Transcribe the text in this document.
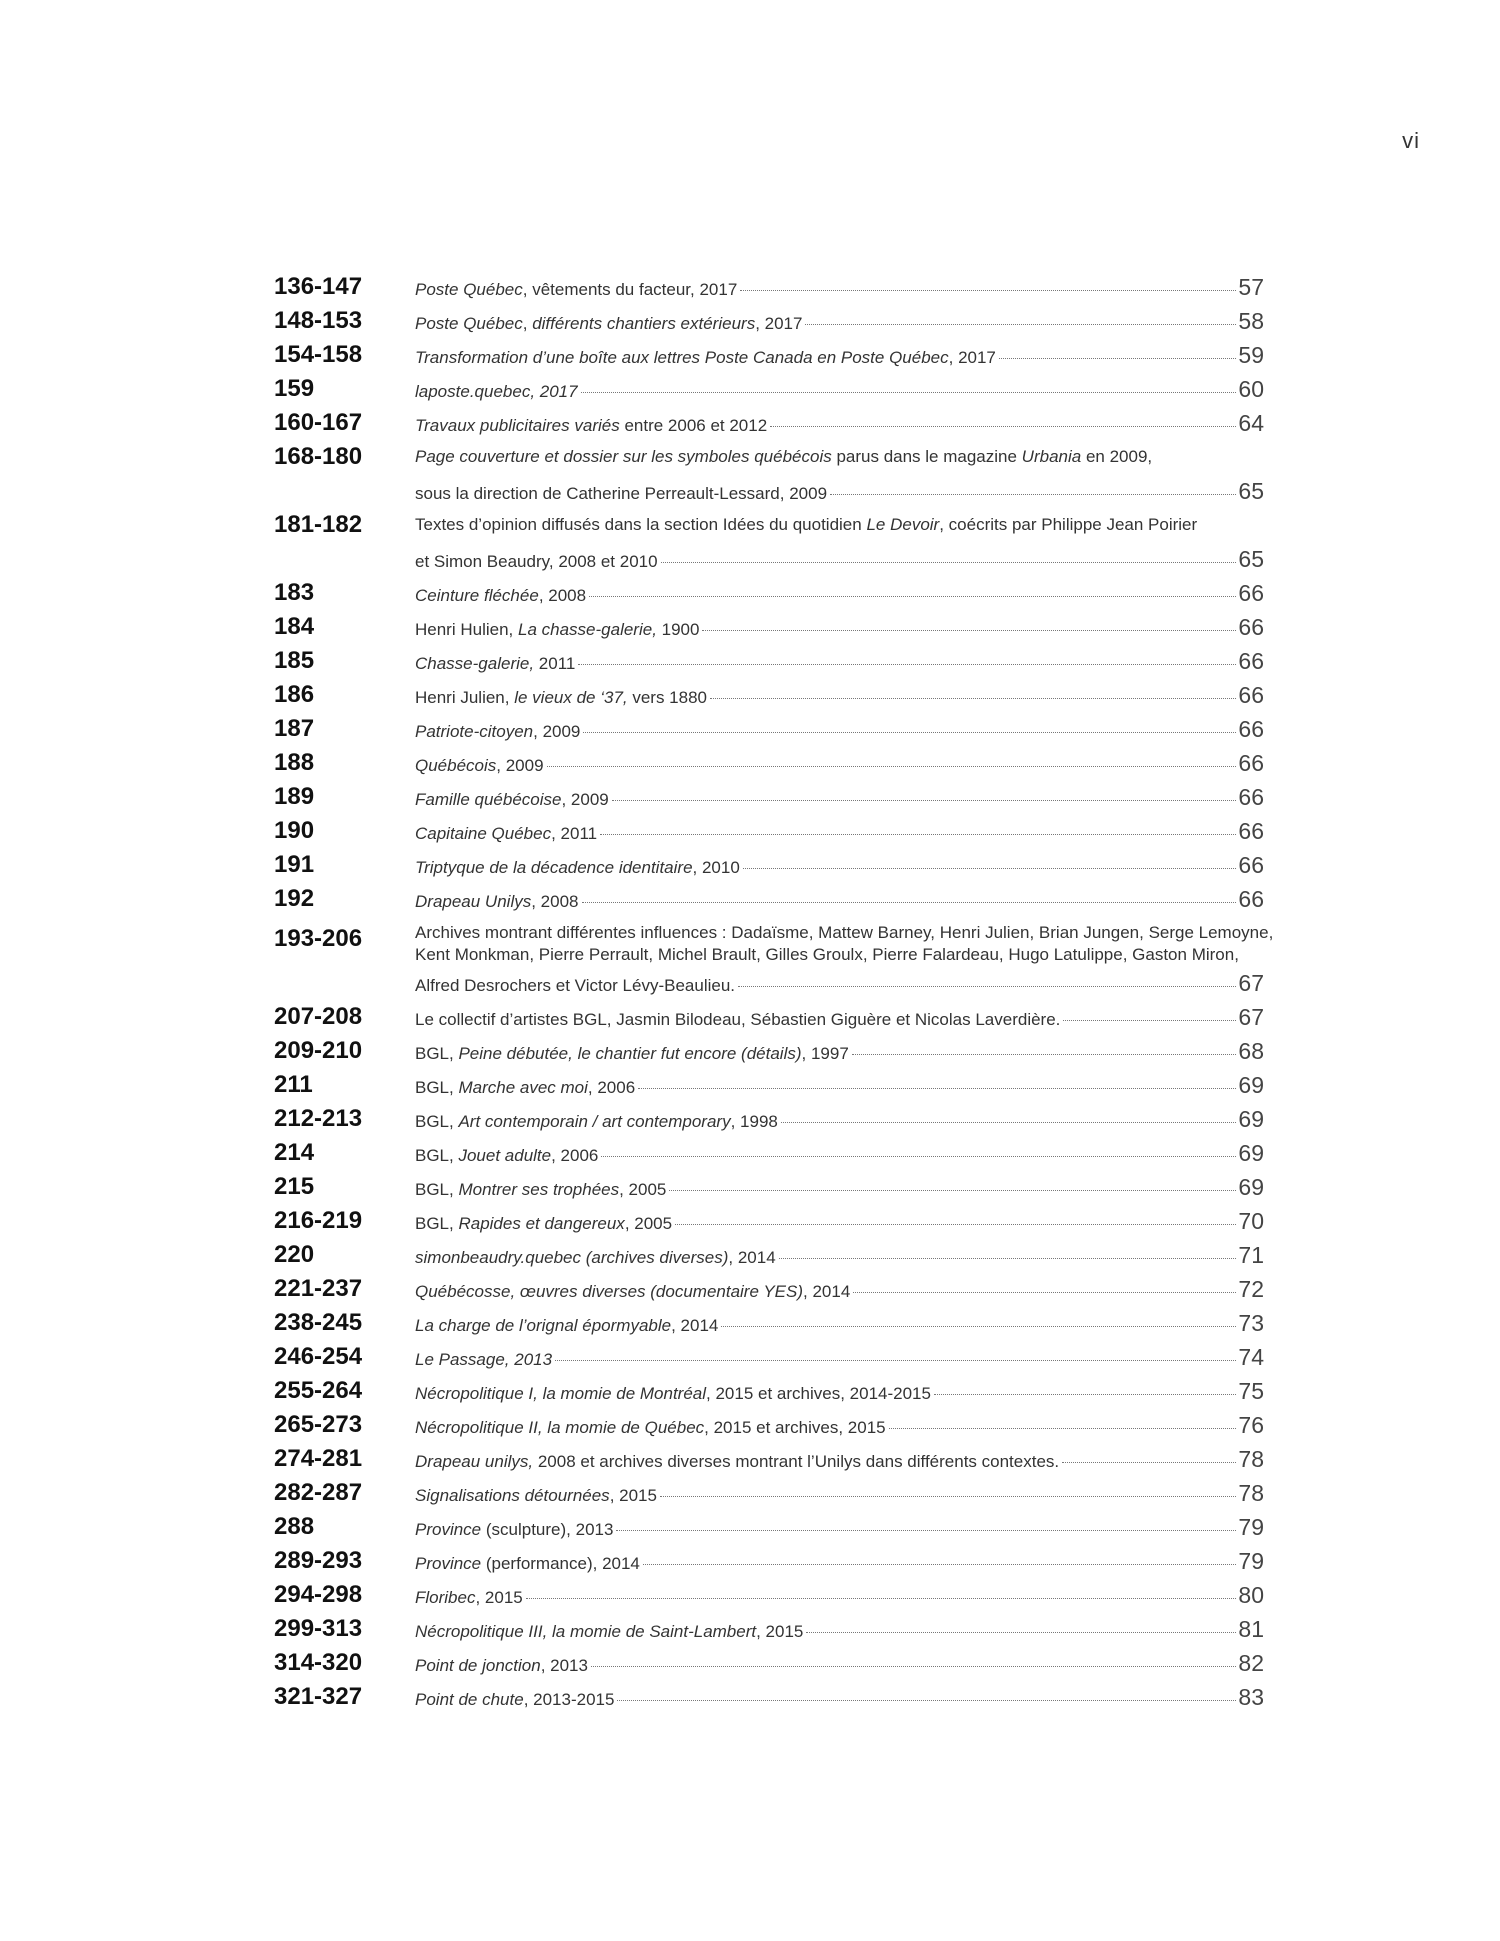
vi
136-147	Poste Québec, vêtements du facteur, 2017	57
148-153	Poste Québec, différents chantiers extérieurs, 2017	58
154-158	Transformation d’une boîte aux lettres Poste Canada en Poste Québec, 2017	59
159	laposte.quebec, 2017	60
160-167	Travaux publicitaires variés entre 2006 et 2012	64
168-180	Page couverture et dossier sur les symboles québécois parus dans le magazine Urbania en 2009,
sous la direction de Catherine Perreault-Lessard, 2009	65
181-182	Textes d’opinion diffusés dans la section Idées du quotidien Le Devoir, coécrits par Philippe Jean Poirier
et Simon Beaudry, 2008 et 2010	65
183	Ceinture fléchée, 2008	66
184	Henri Hulien, La chasse-galerie, 1900	66
185	Chasse-galerie, 2011	66
186	Henri Julien, le vieux de ‘37, vers 1880	66
187	Patriote-citoyen, 2009	66
188	Québécois, 2009	66
189	Famille québécoise, 2009	66
190	Capitaine Québec, 2011	66
191	Triptyque de la décadence identitaire, 2010	66
192	Drapeau Unilys, 2008	66
193-206	Archives montrant différentes influences : Dadaïsme, Mattew Barney, Henri Julien, Brian Jungen, Serge Lemoyne,
Kent Monkman, Pierre Perrault, Michel Brault, Gilles Groulx, Pierre Falardeau, Hugo Latulippe, Gaston Miron,
Alfred Desrochers et Victor Lévy-Beaulieu.	67
207-208	Le collectif d’artistes BGL, Jasmin Bilodeau, Sébastien Giguère et Nicolas Laverdière.	67
209-210	BGL, Peine débutée, le chantier fut encore (détails), 1997	68
211	BGL, Marche avec moi, 2006	69
212-213	BGL, Art contemporain / art contemporary, 1998	69
214	BGL, Jouet adulte, 2006	69
215	BGL, Montrer ses trophées, 2005	69
216-219	BGL, Rapides et dangereux, 2005	70
220	simonbeaudry.quebec (archives diverses), 2014	71
221-237	Québécosse, œuvres diverses (documentaire YES), 2014	72
238-245	La charge de l’orignal épormyable, 2014	73
246-254	Le Passage, 2013	74
255-264	Nécropolitique I, la momie de Montréal, 2015 et archives, 2014-2015	75
265-273	Nécropolitique II, la momie de Québec, 2015 et archives, 2015	76
274-281	Drapeau unilys, 2008 et archives diverses montrant l’Unilys dans différents contextes.	78
282-287	Signalisations détournées, 2015	78
288	Province (sculpture), 2013	79
289-293	Province (performance), 2014	79
294-298	Floribec, 2015	80
299-313	Nécropolitique III, la momie de Saint-Lambert, 2015	81
314-320	Point de jonction, 2013	82
321-327	Point de chute, 2013-2015	83
